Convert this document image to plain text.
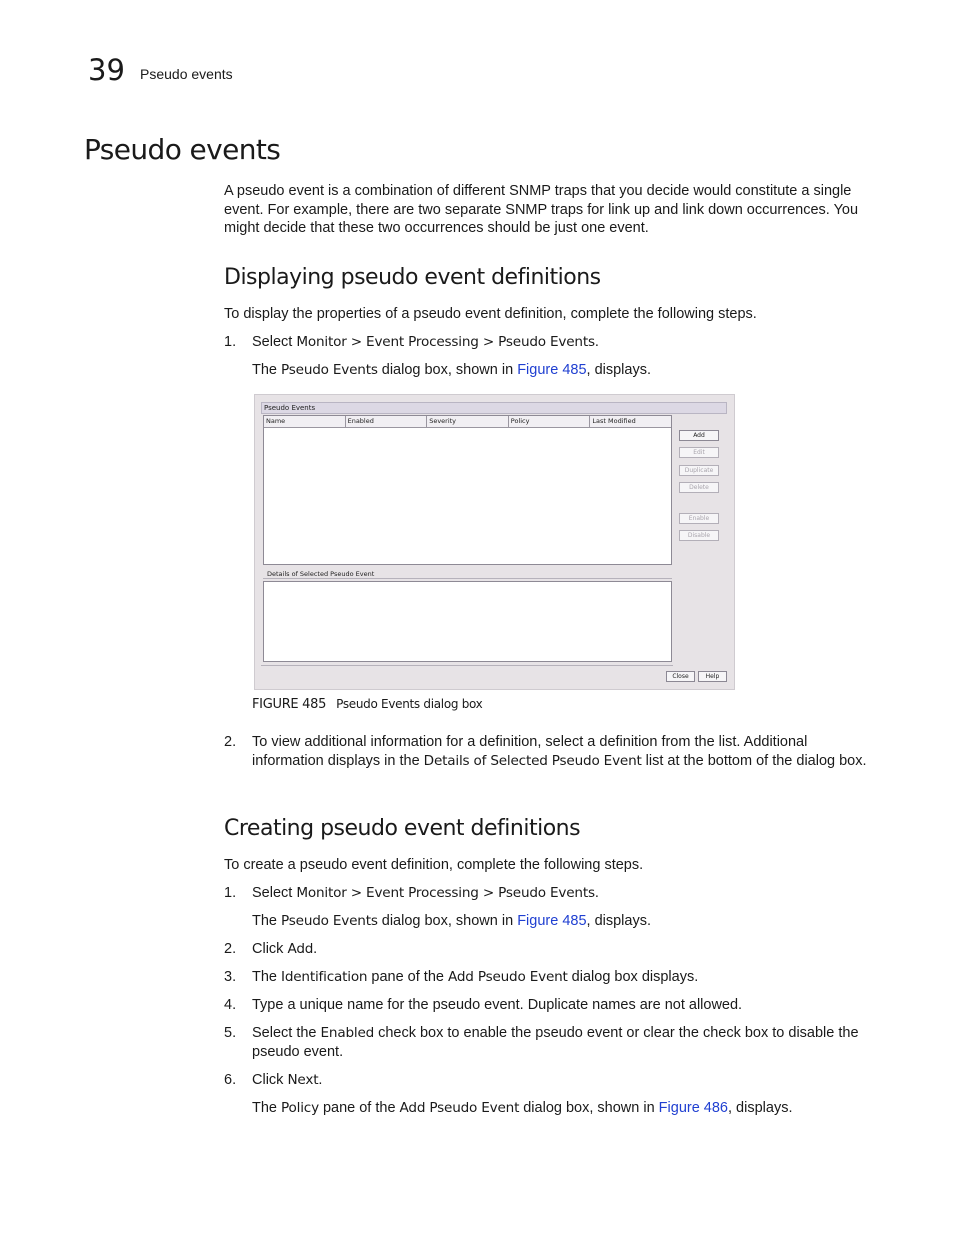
39 Pseudo events
Pseudo events
A pseudo event is a combination of different SNMP traps that you decide would constitute a single event. For example, there are two separate SNMP traps for link up and link down occurrences. You might decide that these two occurrences should be just one event.
Displaying pseudo event definitions
To display the properties of a pseudo event definition, complete the following steps.
1. Select Monitor > Event Processing > Pseudo Events.
The Pseudo Events dialog box, shown in Figure 485, displays.
Pseudo Events
Name	Enabled	Severity	Policy	Last Modified
Details of Selected Pseudo Event
Add
Edit
Duplicate
Delete
Enable
Disable
Close	Help
FIGURE 485 Pseudo Events dialog box
2. To view additional information for a definition, select a definition from the list. Additional information displays in the Details of Selected Pseudo Event list at the bottom of the dialog box.
Creating pseudo event definitions
To create a pseudo event definition, complete the following steps.
1. Select Monitor > Event Processing > Pseudo Events.
The Pseudo Events dialog box, shown in Figure 485, displays.
2. Click Add.
3. The Identification pane of the Add Pseudo Event dialog box displays.
4. Type a unique name for the pseudo event. Duplicate names are not allowed.
5. Select the Enabled check box to enable the pseudo event or clear the check box to disable the pseudo event.
6. Click Next.
The Policy pane of the Add Pseudo Event dialog box, shown in Figure 486, displays.
